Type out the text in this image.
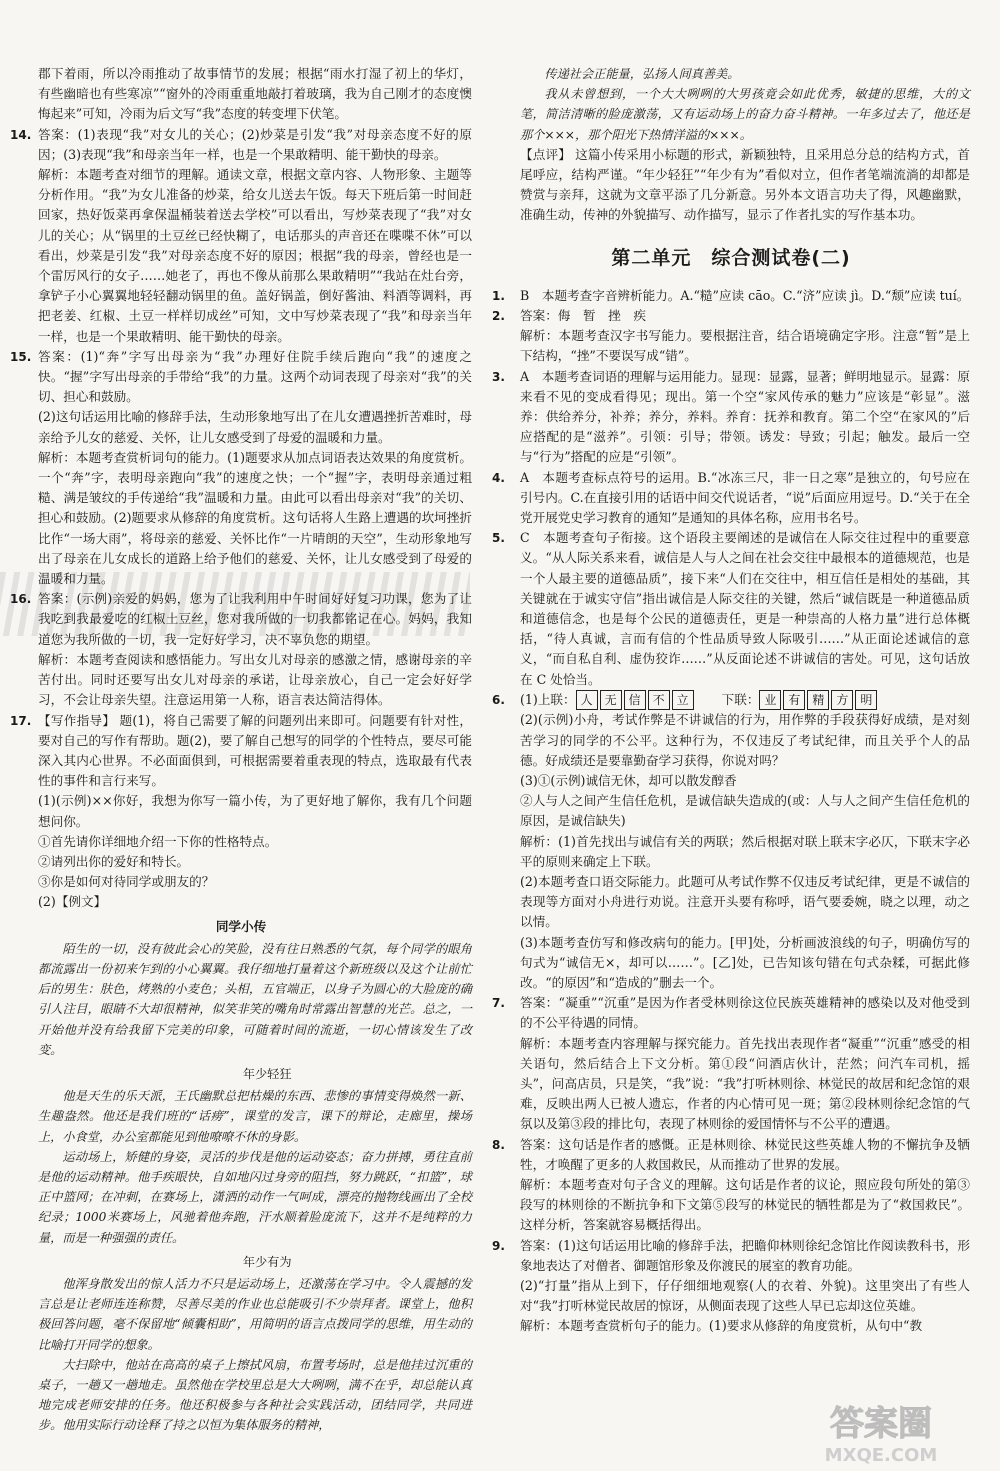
郡下着雨，所以冷雨推动了故事情节的发展；根据“雨水打湿了初上的华灯，有些幽暗也有些寒凉”“窗外的冷雨重重地敲打着玻璃，我为自己刚才的态度懊悔起来”可知，冷雨为后文写“我”态度的转变埋下伏笔。

14. 答案：(1)表现“我”对女儿的关心；(2)炒菜是引发“我”对母亲态度不好的原因；(3)表现“我”和母亲当年一样，也是一个果敢精明、能干勤快的母亲。

解析：本题考查对细节的理解。通读文章，根据文章内容、人物形象、主题等分析作用。“我”为女儿准备的炒菜，给女儿送去午饭。每天下班后第一时间赶回家，热好饭菜再拿保温桶装着送去学校”可以看出，写炒菜表现了“我”对女儿的关心；从“锅里的土豆丝已经快糊了，电话那头的声音还在喋喋不休”可以看出，炒菜是引发“我”对母亲态度不好的原因；根据“我的母亲，曾经也是一个雷厉风行的女子……她老了，再也不像从前那么果敢精明”“我站在灶台旁，拿铲子小心翼翼地轻轻翻动锅里的鱼。盖好锅盖，倒好酱油、料酒等调料，再把老姜、红椒、土豆一样样切成丝”可知，文中写炒菜表现了“我”和母亲当年一样，也是一个果敢精明、能干勤快的母亲。

15. 答案：(1)“奔”字写出母亲为“我”办理好住院手续后跑向“我”的速度之快。“握”字写出母亲的手带给“我”的力量。这两个动词表现了母亲对“我”的关切、担心和鼓励。

(2)这句话运用比喻的修辞手法，生动形象地写出了在儿女遭遇挫折苦难时，母亲给予儿女的慈爱、关怀，让儿女感受到了母爱的温暖和力量。

解析：本题考查赏析词句的能力。(1)题要求从加点词语表达效果的角度赏析。一个“奔”字，表明母亲跑向“我”的速度之快；一个“握”字，表明母亲通过粗糙、满是皱纹的手传递给“我”温暖和力量。由此可以看出母亲对“我”的关切、担心和鼓励。(2)题要求从修辞的角度赏析。这句话将人生路上遭遇的坎坷挫折比作“一场大雨”，将母亲的慈爱、关怀比作“一片晴朗的天空”，生动形象地写出了母亲在儿女成长的道路上给予他们的慈爱、关怀，让儿女感受到了母爱的温暖和力量。

16. 答案：(示例)亲爱的妈妈，您为了让我利用中午时间好好复习功课，您为了让我吃到我最爱吃的红椒土豆丝，您对我所做的一切我都铭记在心。妈妈，我知道您为我所做的一切，我一定好好学习，决不辜负您的期望。

解析：本题考查阅读和感悟能力。写出女儿对母亲的感激之情，感谢母亲的辛苦付出。同时还要写出女儿对母亲的承诺，让母亲放心，自己一定会好好学习，不会让母亲失望。注意运用第一人称，语言表达简洁得体。

17. 【写作指导】 题(1)，将自己需要了解的问题列出来即可。问题要有针对性，要对自己的写作有帮助。题(2)，要了解自己想写的同学的个性特点，要尽可能深入其内心世界。不必面面俱到，可根据需要着重表现的特点，选取最有代表性的事件和言行来写。

(1)(示例)××你好，我想为你写一篇小传，为了更好地了解你，我有几个问题想问你。

①首先请你详细地介绍一下你的性格特点。

②请列出你的爱好和特长。

③你是如何对待同学或朋友的？

(2)【例文】

同学小传

陌生的一切，没有彼此会心的笑脸，没有往日熟悉的气氛，每个同学的眼角都流露出一份初来乍到的小心翼翼。我仔细地打量着这个新班级以及这个让前忙后的男生：肤色，烤熟的小麦色；头相，五官端正，以身子为圆心的大脸庞的确引人注目，眼睛不大却很精神，似笑非笑的嘴角时常露出智慧的光芒。总之，一开始他并没有给我留下完美的印象，可随着时间的流逝，一切心情该发生了改变。

年少轻狂

他是天生的乐天派，王氏幽默总把枯燥的东西、悲惨的事情变得焕然一新、生趣盎然。他还是我们班的“话痨”，课堂的发言，课下的辩论，走廊里，操场上，小食堂，办公室都能见到他嘹嘹不休的身影。

运动场上，矫健的身姿，灵活的步伐是他的运动姿态；奋力拼搏，勇往直前是他的运动精神。他手疾眼快，自如地闪过身旁的阻挡，努力跳跃，“扣篮”，球正中篮网；在冲刺，在赛场上，潇洒的动作一气呵成，漂亮的抛物线画出了全校纪录；1000米赛场上，风驰着他奔跑，汗水顺着脸庞流下，这并不是纯粹的力量，而是一种强强的责任。

年少有为

他浑身散发出的惊人活力不只是运动场上，还激荡在学习中。令人震撼的发言总是让老师连连称赞，尽善尽美的作业也总能吸引不少崇拜者。课堂上，他积极回答问题，毫不保留地“倾囊相助”，用简明的语言点拨同学的思维，用生动的比喻打开同学的想象。

大扫除中，他站在高高的桌子上擦拭风扇，布置考场时，总是他挂过沉重的桌子，一趟又一趟地走。虽然他在学校里总是大大咧咧，满不在乎，却总能认真地完成老师安排的任务。他还积极参与各种社会实践活动，团结同学，共同进步。他用实际行动诠释了持之以恒为集体服务的精神，

传递社会正能量，弘扬人间真善美。

我从未曾想到，一个大大咧咧的大男孩竟会如此优秀，敏捷的思维，大的文笔，简洁清晰的脸庞激荡，又有运动场上的奋力奋斗精神。一年多过去了，他还是那个×××，那个阳光下热情洋溢的×××。

【点评】 这篇小传采用小标题的形式，新颖独特，且采用总分总的结构方式，首尾呼应，结构严谨。“年少轻狂”“年少有为”看似对立，但作者笔端流淌的却都是赞赏与亲拜，这就为文章平添了几分新意。另外本文语言功夫了得，风趣幽默，准确生动，传神的外貌描写、动作描写，显示了作者扎实的写作基本功。

第二单元　综合测试卷(二)

1. B　本题考查字音辨析能力。A.“糙”应读 cāo。C.“济”应读 jì。D.“颓”应读 tuí。

2. 答案：侮　暂　挫　疾

解析：本题考查汉字书写能力。要根据注音，结合语境确定字形。注意“暂”是上下结构，“挫”不要误写成“错”。

3. A　本题考查词语的理解与运用能力。显现：显露，显著；鲜明地显示。显露：原来看不见的变成看得见；现出。第一个空“家风传承的魅力”应该是“彰显”。滋养：供给养分，补养；养分，养料。养育：抚养和教育。第二个空“在家风的”后应搭配的是“滋养”。引领：引导；带领。诱发：导致；引起；触发。最后一空与“行为”搭配的应是“引领”。

4. A　本题考查标点符号的运用。B.“冰冻三尺，非一日之寒”是独立的，句号应在引号内。C.在直接引用的话语中间交代说话者，“说”后面应用逗号。D.“关于在全党开展党史学习教育的通知”是通知的具体名称，应用书名号。

5. C　本题考查句子衔接。这个语段主要阐述的是诚信在人际交往过程中的重要意义。“从人际关系来看，诚信是人与人之间在社会交往中最根本的道德规范，也是一个人最主要的道德品质”，接下来“人们在交往中，相互信任是相处的基础，其关键就在于诚实守信”指出诚信是人际交往的关键，然后“诚信既是一种道德品质和道德信念，也是每个公民的道德责任，更是一种崇高的人格力量”进行总体概括，“待人真诚，言而有信的个性品质导致人际吸引……”从正面论述诚信的意义，“而自私自利、虚伪狡诈……”从反面论述不讲诚信的害处。可见，这句话放在 C 处恰当。

6. (1)上联： 人 无 信 不 立	下联： 业 有 精 方 明

(2)(示例)小舟，考试作弊是不讲诚信的行为，用作弊的手段获得好成绩，是对刻苦学习的同学的不公平。这种行为，不仅违反了考试纪律，而且关乎个人的品德。好成绩还是要靠勤奋学习获得，你说对吗？

(3)①(示例)诚信无休，却可以散发醇香

②人与人之间产生信任危机，是诚信缺失造成的(或：人与人之间产生信任危机的原因，是诚信缺失)

解析：(1)首先找出与诚信有关的两联；然后根据对联上联末字必仄，下联末字必平的原则来确定上下联。

(2)本题考查口语交际能力。此题可从考试作弊不仅违反考试纪律，更是不诚信的表现等方面对小舟进行劝说。注意开头要有称呼，语气要委婉，晓之以理，动之以情。

(3)本题考查仿写和修改病句的能力。[甲]处，分析画波浪线的句子，明确仿写的句式为“诚信无×，却可以……”。[乙]处，已告知该句错在句式杂糅，可据此修改。“的原因”和“造成的”删去一个。

7. 答案：“凝重”“沉重”是因为作者受林则徐这位民族英雄精神的感染以及对他受到的不公平待遇的同情。

解析：本题考查内容理解与探究能力。首先找出表现作者“凝重”“沉重”感受的相关语句，然后结合上下文分析。第①段“问酒店伙计，茫然；问汽车司机，摇头”，问高店员，只是笑，“我”说：“我”打听林则徐、林觉民的故居和纪念馆的艰难，反映出两人已被人遗忘，作者的内心情可见一斑；第②段林则徐纪念馆的气氛以及第③段的排比句，表现了林则徐的爱国情怀与不公平的遭遇。

8. 答案：这句话是作者的感慨。正是林则徐、林觉民这些英雄人物的不懈抗争及牺牲，才唤醒了更多的人救国救民，从而推动了世界的发展。

解析：本题考查对句子含义的理解。这句话是作者的议论，照应段句所处的第③段写的林则徐的不断抗争和下文第⑤段写的林觉民的牺牲都是为了“救国救民”。这样分析，答案就容易概括得出。

9. 答案：(1)这句话运用比喻的修辞手法，把瞻仰林则徐纪念馆比作阅读教科书，形象地表达了对僧者、御题馆形象及你渡民的展室的教育功能。

(2)“打量”指从上到下，仔仔细细地观察(人的衣着、外貌)。这里突出了有些人对“我”打听林觉民故居的惊讶，从侧面表现了这些人早已忘却这位英雄。

解析：本题考查赏析句子的能力。(1)要求从修辞的角度赏析，从句中“教

答案圈
MXQE.COM
